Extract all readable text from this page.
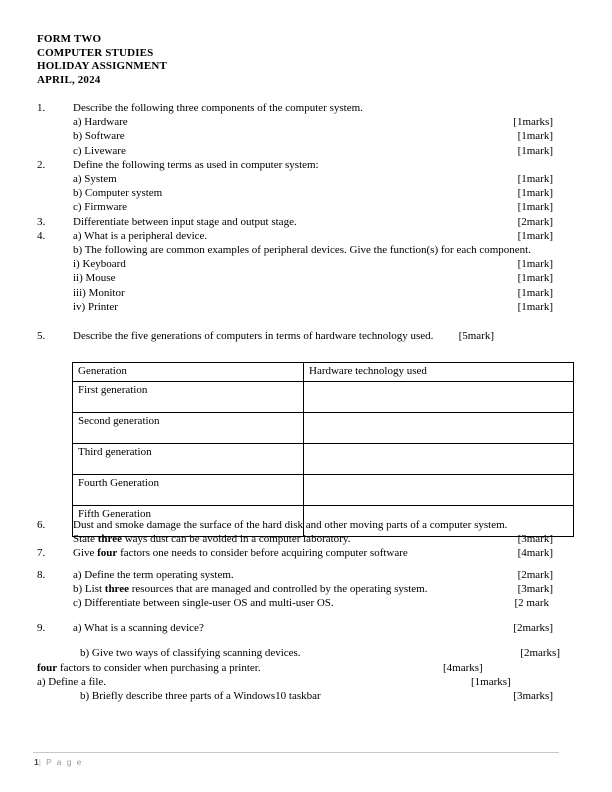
FORM TWO
COMPUTER STUDIES
HOLIDAY ASSIGNMENT
APRIL, 2024
1.	Describe the following three components of the computer system.
a) Hardware	[1marks]
b) Software	[1mark]
c) Liveware	[1mark]
2.	Define the following terms as used in computer system:
a) System	[1mark]
b) Computer system	[1mark]
c) Firmware	[1mark]
3.	Differentiate between input stage and output stage.	[2mark]
4.	a) What is a peripheral device.	[1mark]
b) The following are common examples of peripheral devices. Give the function(s) for each component.
i) Keyboard	[1mark]
ii) Mouse	[1mark]
iii) Monitor	[1mark]
iv) Printer	[1mark]
5.	Describe the five generations of computers in terms of hardware technology used. [5mark]
Generation	Hardware technology used
First generation	
Second generation	
Third generation	
Fourth Generation	
Fifth Generation	
6.	Dust and smoke damage the surface of the hard disk and other moving parts of a computer system.
State three ways dust can be avoided in a computer laboratory.	[3mark]
7.	Give four factors one needs to consider before acquiring computer software	[4mark]
8.	a) Define the term operating system.	[2mark]
b) List three resources that are managed and controlled by the operating system.	[3mark]
c) Differentiate between single-user OS and multi-user OS.	[2 mark
9.	a) What is a scanning device?	[2marks]
b) Give two ways of classifying scanning devices.	[2marks]
four factors to consider when purchasing a printer.	[4marks]
a) Define a file.	[1marks]
b) Briefly describe three parts of a Windows10 taskbar	[3marks]
1| P a g e
